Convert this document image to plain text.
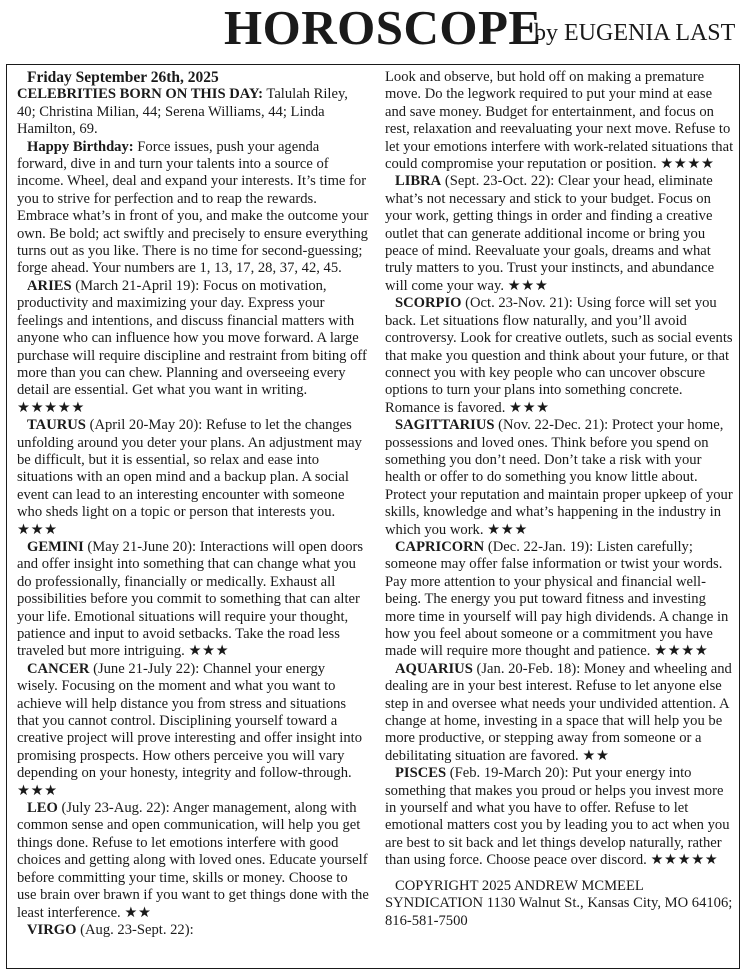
HOROSCOPE
by EUGENIA LAST

Friday September 26th, 2025

CELEBRITIES BORN ON THIS DAY: Talulah Riley, 40; Christina Milian, 44; Serena Williams, 44; Linda Hamilton, 69.

Happy Birthday: Force issues, push your agenda forward, dive in and turn your talents into a source of income. Wheel, deal and expand your interests. It’s time for you to strive for perfection and to reap the rewards. Embrace what’s in front of you, and make the outcome your own. Be bold; act swiftly and precisely to ensure everything turns out as you like. There is no time for second-guessing; forge ahead. Your numbers are 1, 13, 17, 28, 37, 42, 45.

ARIES (March 21-April 19): Focus on motivation, productivity and maximizing your day. Express your feelings and intentions, and discuss financial matters with anyone who can influence how you move forward. A large purchase will require discipline and restraint from biting off more than you can chew. Planning and overseeing every detail are essential. Get what you want in writing. ★★★★★

TAURUS (April 20-May 20): Refuse to let the changes unfolding around you deter your plans. An adjustment may be difficult, but it is essential, so relax and ease into situations with an open mind and a backup plan. A social event can lead to an interesting encounter with someone who sheds light on a topic or person that interests you. ★★★

GEMINI (May 21-June 20): Interactions will open doors and offer insight into something that can change what you do professionally, financially or medically. Exhaust all possibilities before you commit to something that can alter your life. Emotional situations will require your thought, patience and input to avoid setbacks. Take the road less traveled but more intriguing. ★★★

CANCER (June 21-July 22): Channel your energy wisely. Focusing on the moment and what you want to achieve will help distance you from stress and situations that you cannot control. Disciplining yourself toward a creative project will prove interesting and offer insight into promising prospects. How others perceive you will vary depending on your honesty, integrity and follow-through. ★★★

LEO (July 23-Aug. 22): Anger management, along with common sense and open communication, will help you get things done. Refuse to let emotions interfere with good choices and getting along with loved ones. Educate yourself before committing your time, skills or money. Choose to use brain over brawn if you want to get things done with the least interference. ★★

VIRGO (Aug. 23-Sept. 22):

Look and observe, but hold off on making a premature move. Do the legwork required to put your mind at ease and save money. Budget for entertainment, and focus on rest, relaxation and reevaluating your next move. Refuse to let your emotions interfere with work-related situations that could compromise your reputation or position. ★★★★

LIBRA (Sept. 23-Oct. 22): Clear your head, eliminate what’s not necessary and stick to your budget. Focus on your work, getting things in order and finding a creative outlet that can generate additional income or bring you peace of mind. Reevaluate your goals, dreams and what truly matters to you. Trust your instincts, and abundance will come your way. ★★★

SCORPIO (Oct. 23-Nov. 21): Using force will set you back. Let situations flow naturally, and you’ll avoid controversy. Look for creative outlets, such as social events that make you question and think about your future, or that connect you with key people who can uncover obscure options to turn your plans into something concrete. Romance is favored. ★★★

SAGITTARIUS (Nov. 22-Dec. 21): Protect your home, possessions and loved ones. Think before you spend on something you don’t need. Don’t take a risk with your health or offer to do something you know little about. Protect your reputation and maintain proper upkeep of your skills, knowledge and what’s happening in the industry in which you work. ★★★

CAPRICORN (Dec. 22-Jan. 19): Listen carefully; someone may offer false information or twist your words. Pay more attention to your physical and financial well-being. The energy you put toward fitness and investing more time in yourself will pay high dividends. A change in how you feel about someone or a commitment you have made will require more thought and patience. ★★★★

AQUARIUS (Jan. 20-Feb. 18): Money and wheeling and dealing are in your best interest. Refuse to let anyone else step in and oversee what needs your undivided attention. A change at home, investing in a space that will help you be more productive, or stepping away from someone or a debilitating situation are favored. ★★

PISCES (Feb. 19-March 20): Put your energy into something that makes you proud or helps you invest more in yourself and what you have to offer. Refuse to let emotional matters cost you by leading you to act when you are best to sit back and let things develop naturally, rather than using force. Choose peace over discord. ★★★★★

COPYRIGHT 2025 ANDREW MCMEEL SYNDICATION 1130 Walnut St., Kansas City, MO 64106; 816-581-7500
